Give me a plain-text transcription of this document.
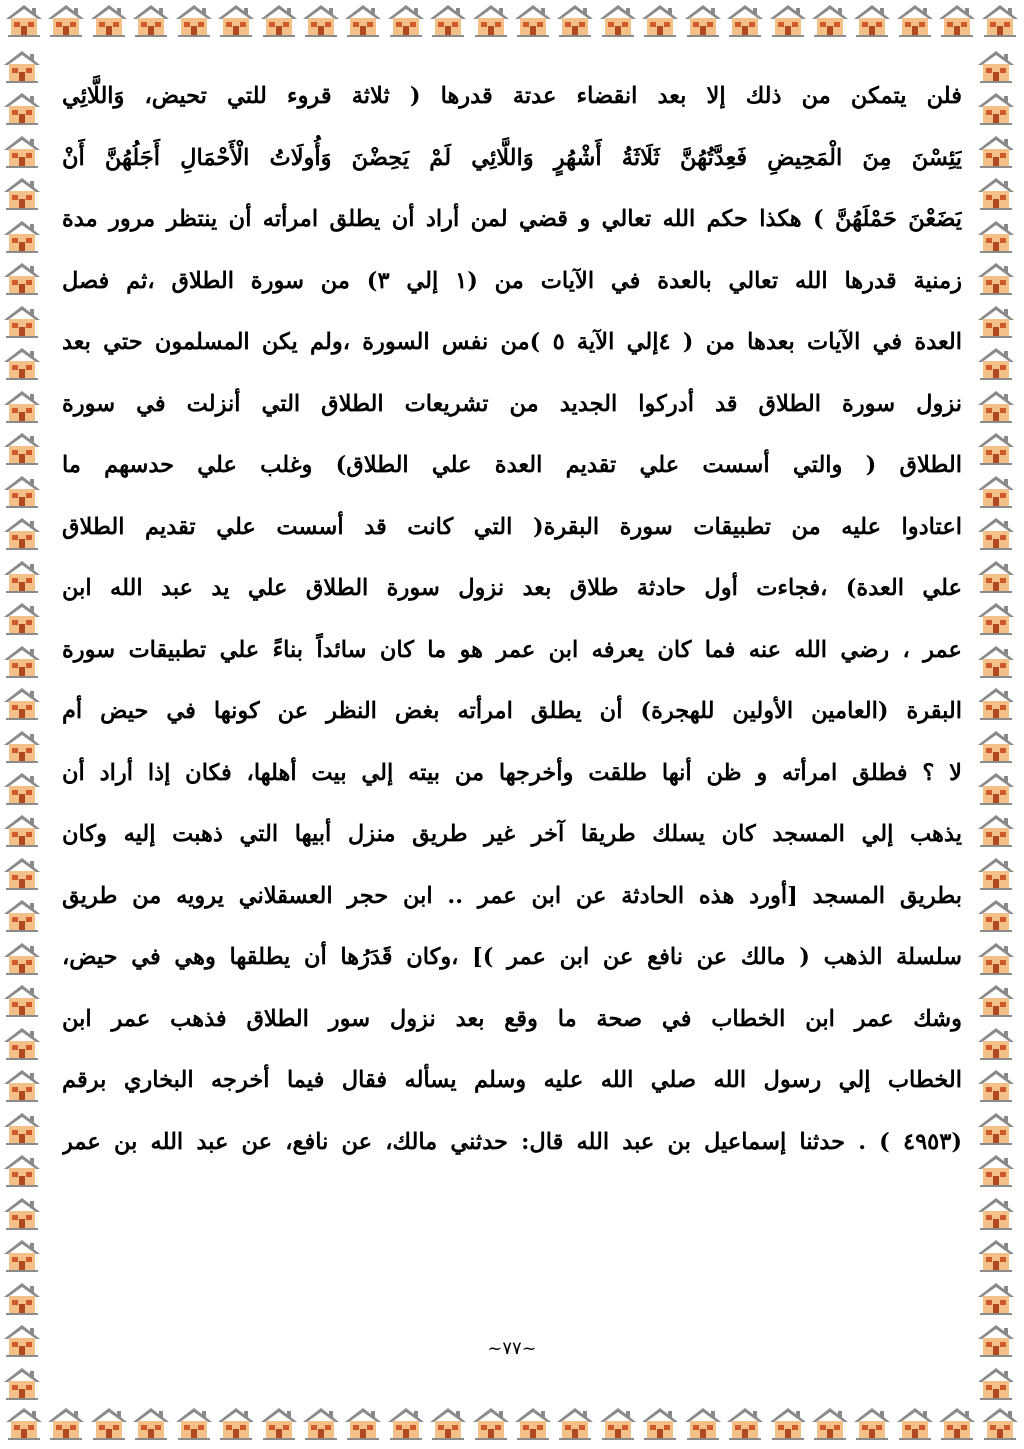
فلن يتمكن من ذلك إلا بعد انقضاء عدتة قدرها ( ثلاثة قروء للتي تحيض، وَاللَّائِي
يَئِسْنَ مِنَ الْمَحِيضِ فَعِدَّتُهُنَّ ثَلَاثَةُ أَشْهُرٍ وَاللَّائِي لَمْ يَحِضْنَ وَأُولَاتُ الْأَحْمَالِ أَجَلُهُنَّ أَنْ
يَضَعْنَ حَمْلَهُنَّ ) هكذا حكم الله تعالي و قضي لمن أراد أن يطلق امرأته أن ينتظر مرور مدة
زمنية قدرها الله تعالي بالعدة في الآيات من (١ إلي ٣) من سورة الطلاق ،ثم فصل
العدة في الآيات بعدها من ( ٤إلي الآية ٥ )من نفس السورة ،ولم يكن المسلمون حتي بعد
نزول سورة الطلاق قد أدركوا الجديد من تشريعات الطلاق التي أنزلت في سورة
الطلاق ( والتي أسست علي تقديم العدة علي الطلاق) وغلب علي حدسهم ما
اعتادوا عليه من تطبيقات سورة البقرة( التي كانت قد أسست علي تقديم الطلاق
علي العدة) ،فجاءت أول حادثة طلاق بعد نزول سورة الطلاق علي يد عبد الله ابن
عمر ، رضي الله عنه فما كان يعرفه ابن عمر هو ما كان سائداً بناءً علي تطبيقات سورة
البقرة (العامين الأولين للهجرة) أن يطلق امرأته بغض النظر عن كونها في حيض أم
لا ؟ فطلق امرأته و ظن أنها طلقت وأخرجها من بيته إلي بيت أهلها، فكان إذا أراد أن
يذهب إلي المسجد كان يسلك طريقا آخر غير طريق منزل أبيها التي ذهبت إليه وكان
بطريق المسجد [أورد هذه الحادثة عن ابن عمر .. ابن حجر العسقلاني يرويه من طريق
سلسلة الذهب ( مالك عن نافع عن ابن عمر )] ،وكان قَدَرُها أن يطلقها وهي في حيض،
وشك عمر ابن الخطاب في صحة ما وقع بعد نزول سور الطلاق فذهب عمر ابن
الخطاب إلي رسول الله صلي الله عليه وسلم يسأله فقال فيما أخرجه البخاري برقم
(٤٩٥٣ ) . حدثنا إسماعيل بن عبد الله قال: حدثني مالك، عن نافع، عن عبد الله بن عمر
~٧٧~
